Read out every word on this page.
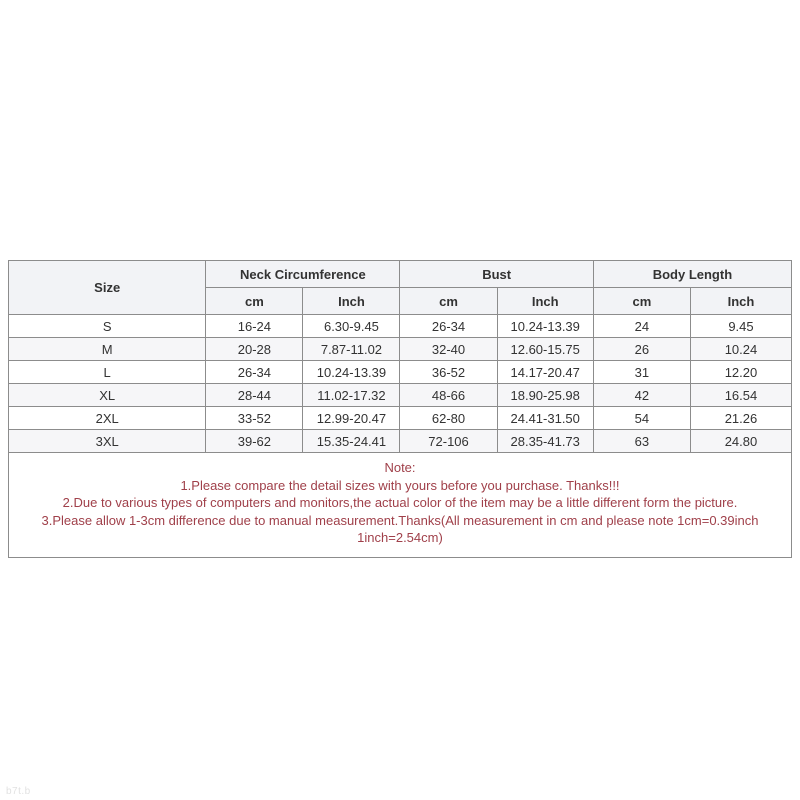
Size	Neck Circumference		Bust		Body Length	
	cm	Inch	cm	Inch	cm	Inch
S	16-24	6.30-9.45	26-34	10.24-13.39	24	9.45
M	20-28	7.87-11.02	32-40	12.60-15.75	26	10.24
L	26-34	10.24-13.39	36-52	14.17-20.47	31	12.20
XL	28-44	11.02-17.32	48-66	18.90-25.98	42	16.54
2XL	33-52	12.99-20.47	62-80	24.41-31.50	54	21.26
3XL	39-62	15.35-24.41	72-106	28.35-41.73	63	24.80

Note:
1.Please compare the detail sizes with yours before you purchase. Thanks!!!
2.Due to various types of computers and monitors,the actual color of the item may be a little different form the picture.
3.Please allow 1-3cm difference due to manual measurement.Thanks(All measurement in cm and please note 1cm=0.39inch 1inch=2.54cm)						
b7t.b
